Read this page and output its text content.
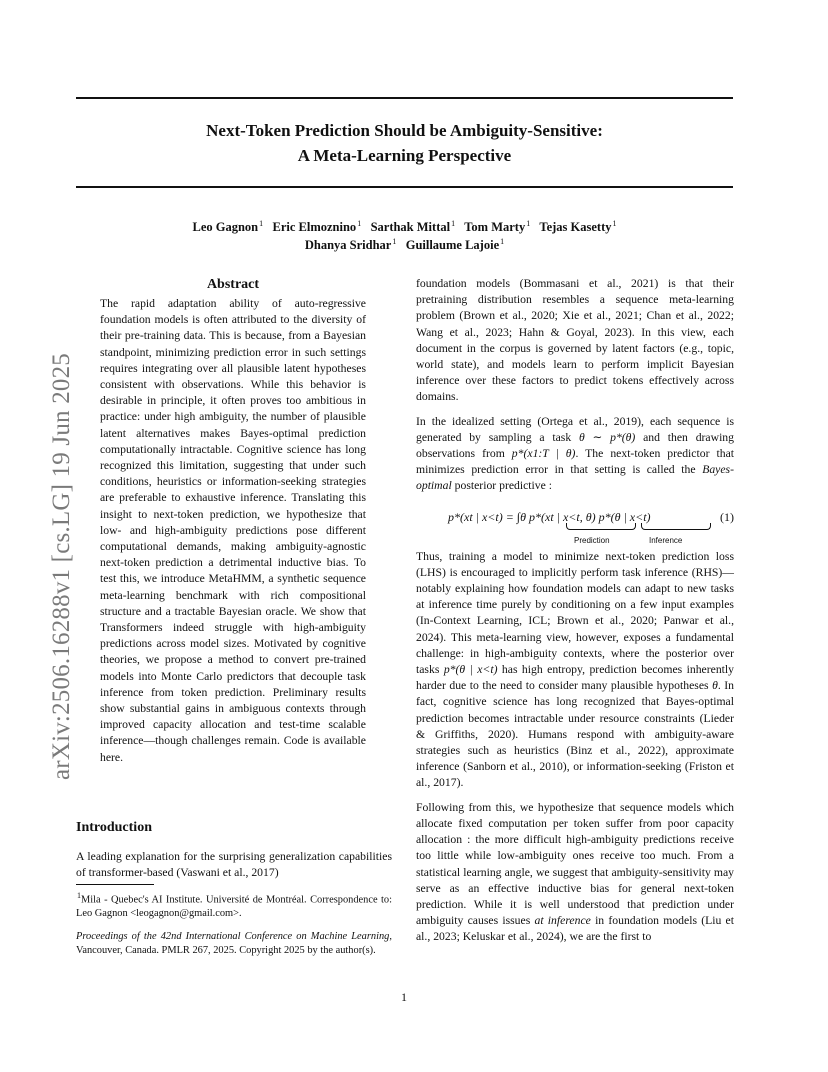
Next-Token Prediction Should be Ambiguity-Sensitive:
A Meta-Learning Perspective
Leo Gagnon$^1$ Eric Elmoznino$^1$ Sarthak Mittal$^1$ Tom Marty$^1$ Tejas Kasetty$^1$
Dhanya Sridhar$^1$ Guillaume Lajoie$^1$
arXiv:2506.16288v1 [cs.LG] 19 Jun 2025

Abstract

The rapid adaptation ability of auto-regressive foundation models is often attributed to the diversity of their pre-training data. This is because, from a Bayesian standpoint, minimizing prediction error in such settings requires integrating over all plausible latent hypotheses consistent with observations. While this behavior is desirable in principle, it often proves too ambitious in practice: under high ambiguity, the number of plausible latent alternatives makes Bayes-optimal prediction computationally intractable. Cognitive science has long recognized this limitation, suggesting that under such conditions, heuristics or information-seeking strategies are preferable to exhaustive inference. Translating this insight to next-token prediction, we hypothesize that low- and high-ambiguity predictions pose different computational demands, making ambiguity-agnostic next-token prediction a detrimental inductive bias. To test this, we introduce MetaHMM, a synthetic sequence meta-learning benchmark with rich compositional structure and a tractable Bayesian oracle. We show that Transformers indeed struggle with high-ambiguity predictions across model sizes. Motivated by cognitive theories, we propose a method to convert pre-trained models into Monte Carlo predictors that decouple task inference from token prediction. Preliminary results show substantial gains in ambiguous contexts through improved capacity allocation and test-time scalable inference—though challenges remain. Code is available here.

Introduction

A leading explanation for the surprising generalization capabilities of transformer-based (Vaswani et al., 2017)

foundation models (Bommasani et al., 2021) is that their pretraining distribution resembles a sequence meta-learning problem (Brown et al., 2020; Xie et al., 2021; Chan et al., 2022; Wang et al., 2023; Hahn & Goyal, 2023). In this view, each document in the corpus is governed by latent factors (e.g., topic, world state), and models learn to perform implicit Bayesian inference over these factors to predict tokens effectively across domains.

In the idealized setting (Ortega et al., 2019), each sequence is generated by sampling a task θ ∼ p*(θ) and then drawing observations from p*(x1:T | θ). The next-token predictor that minimizes prediction error in that setting is called the Bayes-optimal posterior predictive :

p*(xt | x<t) = ∫θ p*(xt | x<t, θ) p*(θ | x<t)
Prediction	Inference
(1)

Thus, training a model to minimize next-token prediction loss (LHS) is encouraged to implicitly perform task inference (RHS)—notably explaining how foundation models can adapt to new tasks at inference time purely by conditioning on a few input examples (In-Context Learning, ICL; Brown et al., 2020; Panwar et al., 2024). This meta-learning view, however, exposes a fundamental challenge: in high-ambiguity contexts, where the posterior over tasks p*(θ | x<t) has high entropy, prediction becomes inherently harder due to the need to consider many plausible hypotheses θ. In fact, cognitive science has long recognized that Bayes-optimal prediction becomes intractable under resource constraints (Lieder & Griffiths, 2020). Humans respond with ambiguity-aware strategies such as heuristics (Binz et al., 2022), approximate inference (Sanborn et al., 2010), or information-seeking (Friston et al., 2017).

Following from this, we hypothesize that sequence models which allocate fixed computation per token suffer from poor capacity allocation : the more difficult high-ambiguity predictions receive too little while low-ambiguity ones receive too much. From a statistical learning angle, we suggest that ambiguity-sensitivity may serve as an effective inductive bias for general next-token prediction. While it is well understood that prediction under ambiguity causes issues at inference in foundation models (Liu et al., 2023; Keluskar et al., 2024), we are the first to

$^1$Mila - Quebec's AI Institute. Université de Montréal. Correspondence to: Leo Gagnon <leogagnon@gmail.com>.

Proceedings of the 42nd International Conference on Machine Learning, Vancouver, Canada. PMLR 267, 2025. Copyright 2025 by the author(s).

1
